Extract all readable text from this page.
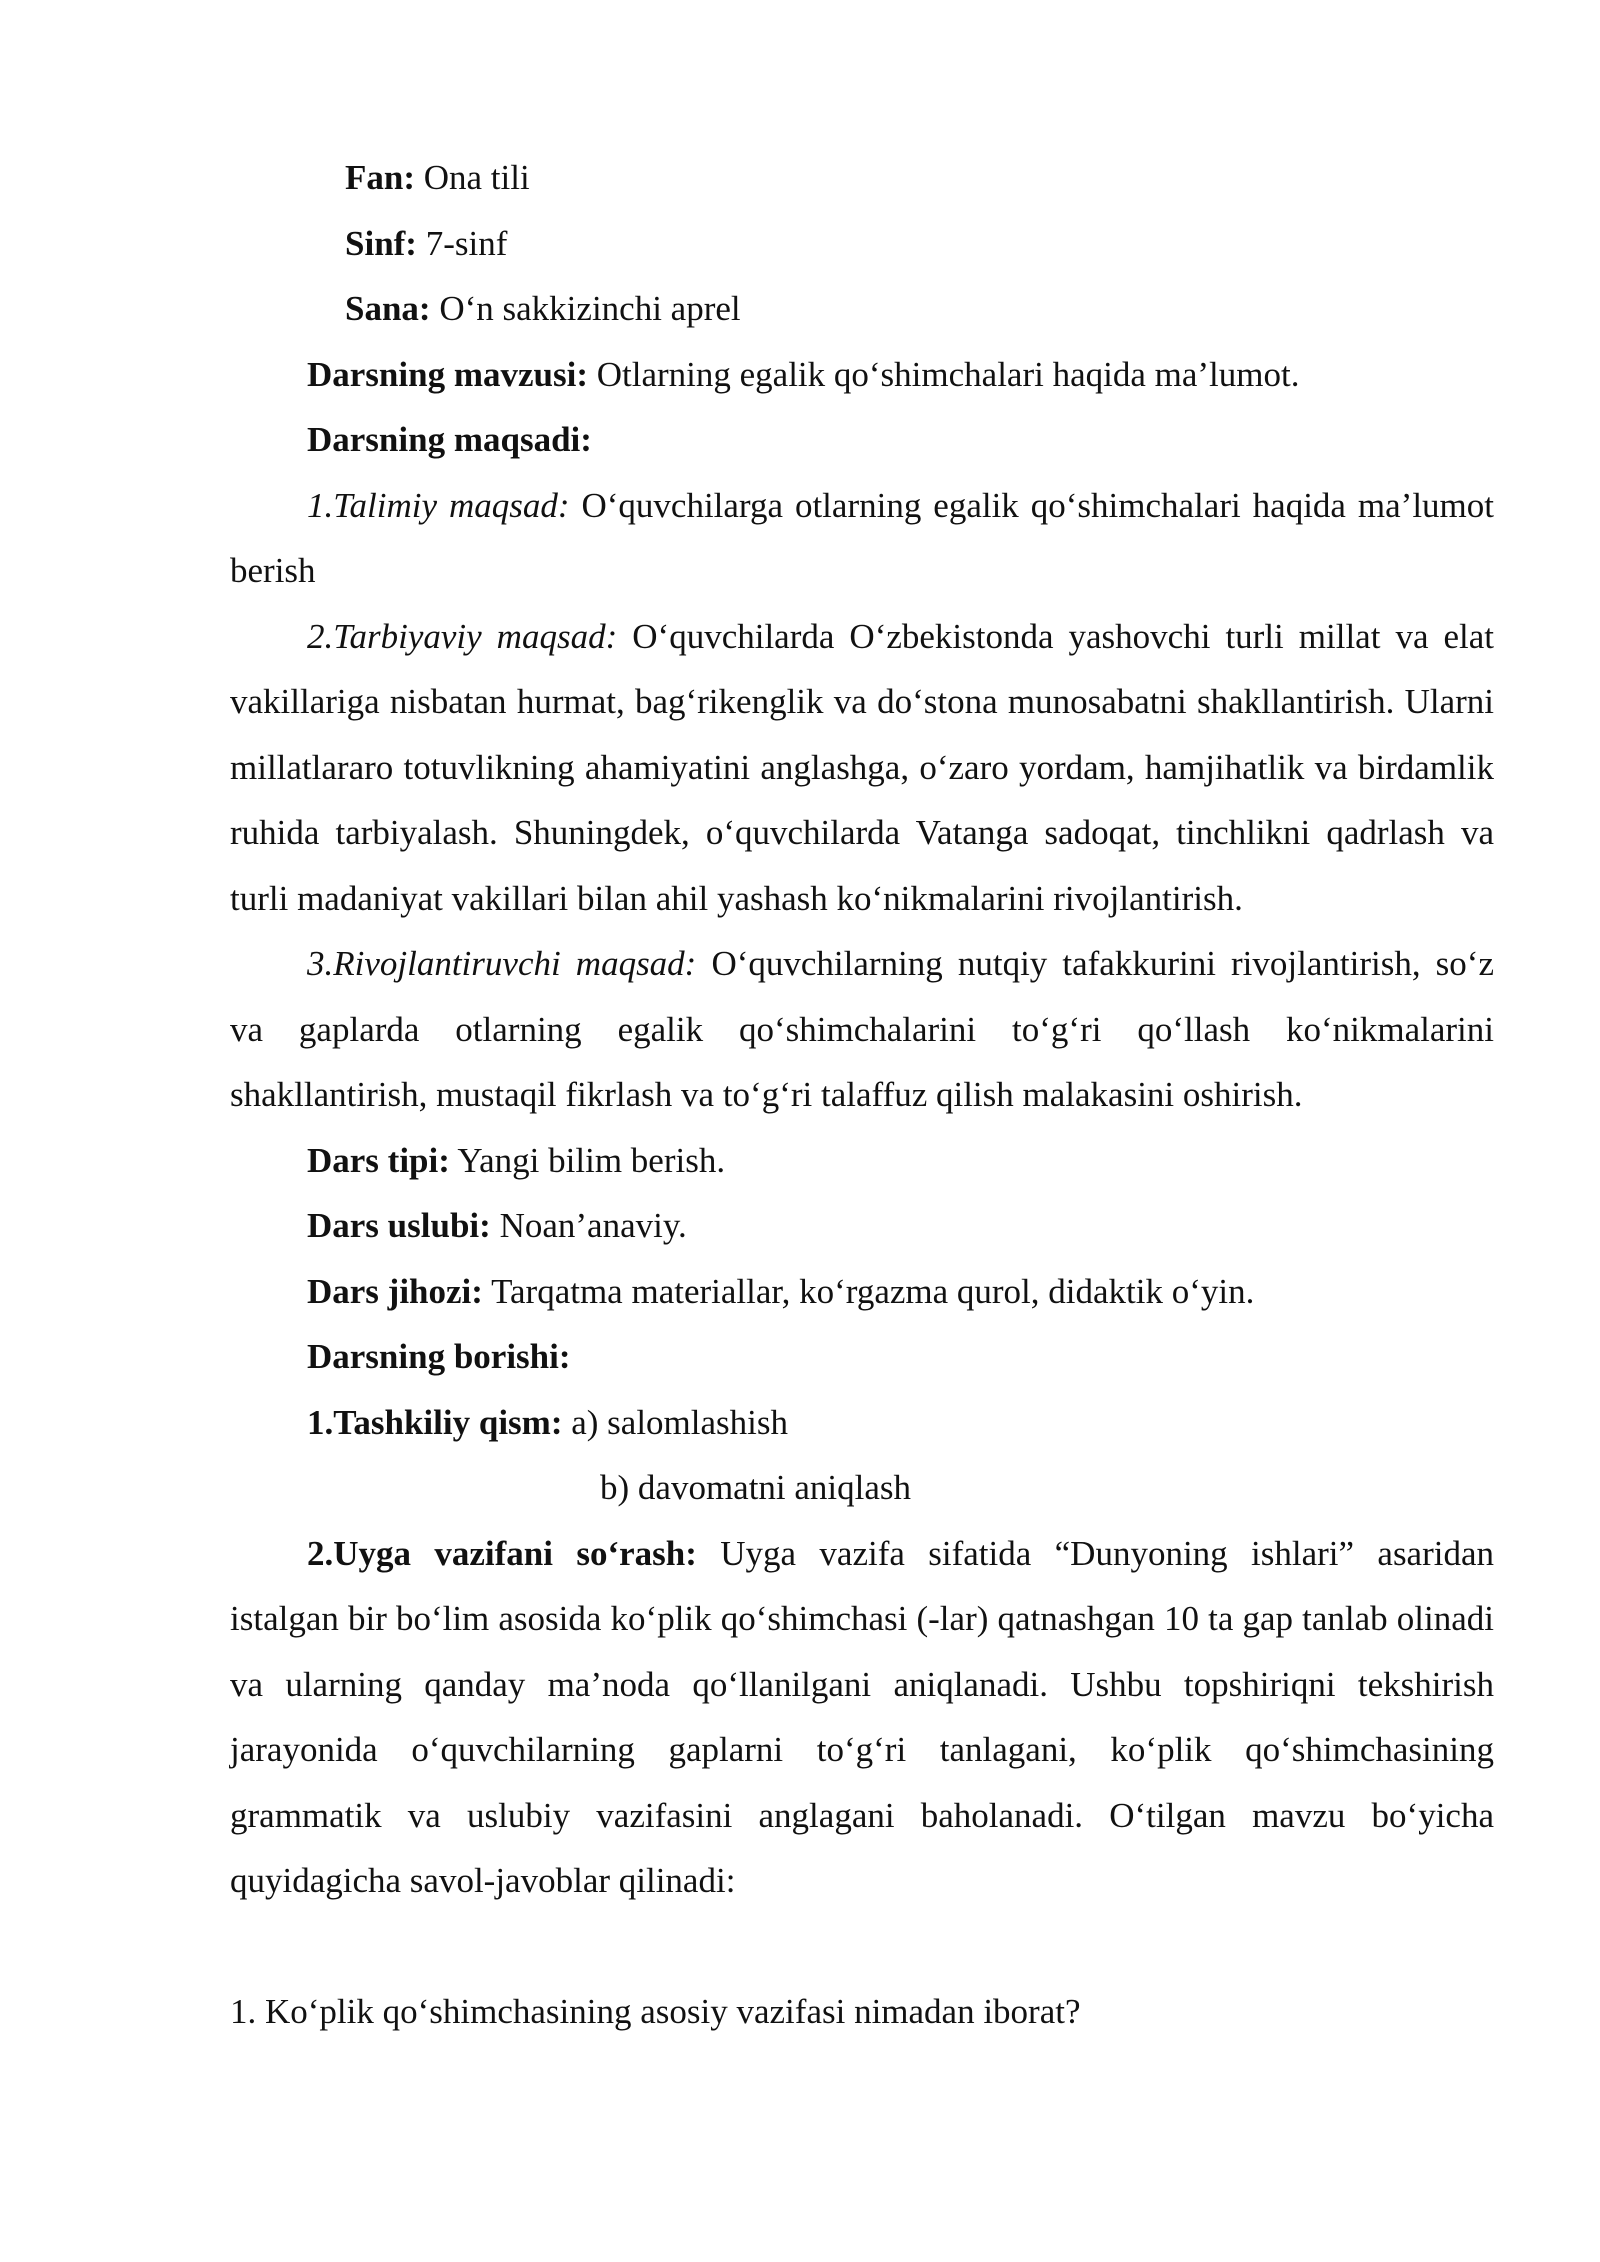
Fan: Ona tili

Sinf: 7-sinf

Sana: O‘n sakkizinchi aprel

Darsning mavzusi: Otlarning egalik qo‘shimchalari haqida ma’lumot.

Darsning maqsadi:

1.Talimiy maqsad: O‘quvchilarga otlarning egalik qo‘shimchalari haqida ma’lumot berish

2.Tarbiyaviy maqsad: O‘quvchilarda O‘zbekistonda yashovchi turli millat va elat vakillariga nisbatan hurmat, bag‘rikenglik va do‘stona munosabatni shakllantirish. Ularni millatlararo totuvlikning ahamiyatini anglashga, o‘zaro yordam, hamjihatlik va birdamlik ruhida tarbiyalash. Shuningdek, o‘quvchilarda Vatanga sadoqat, tinchlikni qadrlash va turli madaniyat vakillari bilan ahil yashash ko‘nikmalarini rivojlantirish.

3.Rivojlantiruvchi maqsad: O‘quvchilarning nutqiy tafakkurini rivojlantirish, so‘z va gaplarda otlarning egalik qo‘shimchalarini to‘g‘ri qo‘llash ko‘nikmalarini shakllantirish, mustaqil fikrlash va to‘g‘ri talaffuz qilish malakasini oshirish.

Dars tipi: Yangi bilim berish.

Dars uslubi: Noan’anaviy.

Dars jihozi: Tarqatma materiallar, ko‘rgazma qurol, didaktik o‘yin.

Darsning borishi:

1.Tashkiliy qism: a) salomlashish

b) davomatni aniqlash

2.Uyga vazifani so‘rash: Uyga vazifa sifatida “Dunyoning ishlari” asaridan istalgan bir bo‘lim asosida ko‘plik qo‘shimchasi (-lar) qatnashgan 10 ta gap tanlab olinadi va ularning qanday ma’noda qo‘llanilgani aniqlanadi. Ushbu topshiriqni tekshirish jarayonida o‘quvchilarning gaplarni to‘g‘ri tanlagani, ko‘plik qo‘shimchasining grammatik va uslubiy vazifasini anglagani baholanadi. O‘tilgan mavzu bo‘yicha quyidagicha savol-javoblar qilinadi:

1. Ko‘plik qo‘shimchasining asosiy vazifasi nimadan iborat?
